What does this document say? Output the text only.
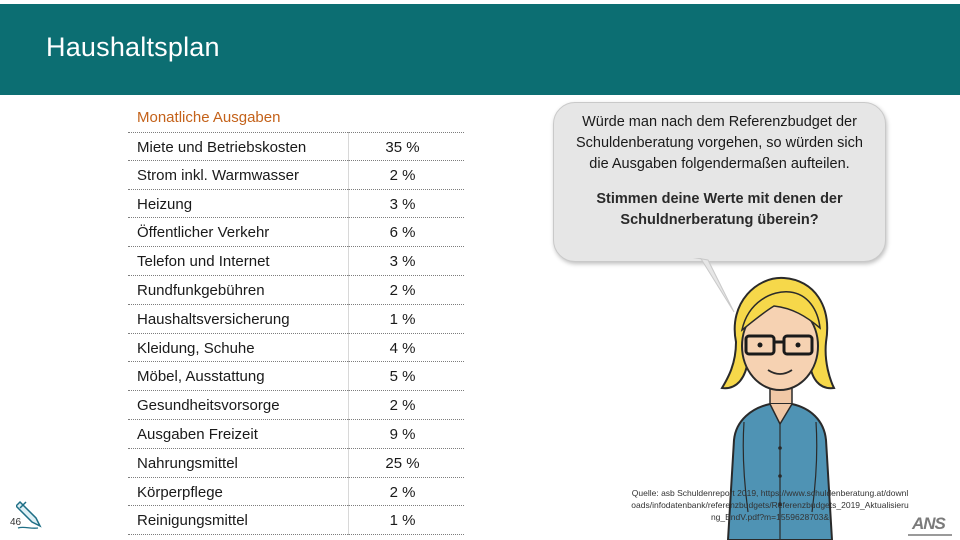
Haushaltsplan
Monatliche Ausgaben
Miete und Betriebskosten	35 %
Strom inkl. Warmwasser	2 %
Heizung	3 %
Öffentlicher Verkehr	6 %
Telefon und Internet	3 %
Rundfunkgebühren	2 %
Haushaltsversicherung	1 %
Kleidung, Schuhe	4 %
Möbel, Ausstattung	5 %
Gesundheitsvorsorge	2 %
Ausgaben Freizeit	9 %
Nahrungsmittel	25 %
Körperpflege	2 %
Reinigungsmittel	1 %
Würde man nach dem Referenzbudget der Schuldenberatung vorgehen, so würden sich die Ausgaben folgendermaßen aufteilen.
Stimmen deine Werte mit denen der Schuldnerberatung überein?
Quelle: asb Schuldenreport 2019, https://www.schuldenberatung.at/downloads/infodatenbank/referenzbudgets/Referenzbudgets_2019_Aktualisierung_EndV.pdf?m=1559628703&	ANS
46
